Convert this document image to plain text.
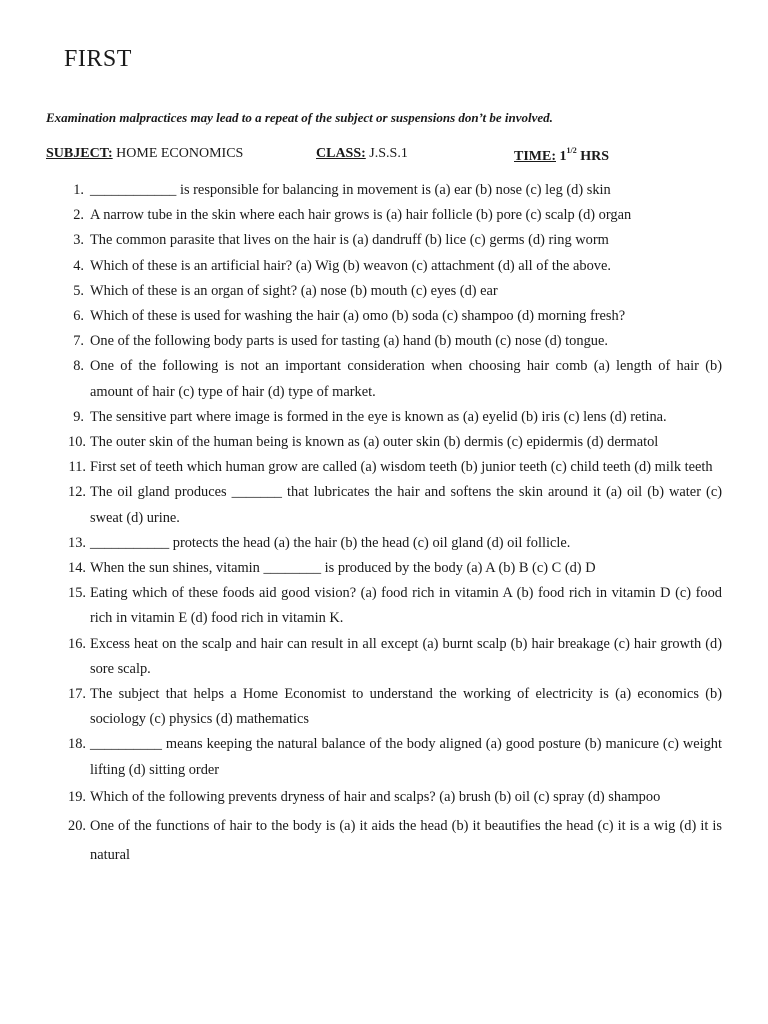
FIRST
Examination malpractices may lead to a repeat of the subject or suspensions don’t be involved.
SUBJECT: HOME ECONOMICS	CLASS: J.S.S.1	TIME: $1^{1/2}$ HRS
1. ____________ is responsible for balancing in movement is (a) ear (b) nose (c) leg (d) skin
2. A narrow tube in the skin where each hair grows is (a) hair follicle (b) pore (c) scalp (d) organ
3. The common parasite that lives on the hair is (a) dandruff (b) lice (c) germs (d) ring worm
4. Which of these is an artificial hair? (a) Wig (b) weavon (c) attachment (d) all of the above.
5. Which of these is an organ of sight? (a) nose (b) mouth (c) eyes (d) ear
6. Which of these is used for washing the hair (a) omo (b) soda (c) shampoo (d) morning fresh?
7. One of the following body parts is used for tasting (a) hand (b) mouth (c) nose (d) tongue.
8. One of the following is not an important consideration when choosing hair comb (a) length of hair (b) amount of hair (c) type of hair (d) type of market.
9. The sensitive part where image is formed in the eye is known as (a) eyelid (b) iris (c) lens (d) retina.
10. The outer skin of the human being is known as (a) outer skin (b) dermis (c) epidermis (d) dermatol
11. First set of teeth which human grow are called (a) wisdom teeth (b) junior teeth (c) child teeth (d) milk teeth
12. The oil gland produces _______ that lubricates the hair and softens the skin around it (a) oil (b) water (c) sweat (d) urine.
13. ___________ protects the head (a) the hair (b) the head (c) oil gland (d) oil follicle.
14. When the sun shines, vitamin ________ is produced by the body (a) A (b) B (c) C (d) D
15. Eating which of these foods aid good vision? (a) food rich in vitamin A (b) food rich in vitamin D (c) food rich in vitamin E (d) food rich in vitamin K.
16. Excess heat on the scalp and hair can result in all except (a) burnt scalp (b) hair breakage (c) hair growth (d) sore scalp.
17. The subject that helps a Home Economist to understand the working of electricity is (a) economics (b) sociology (c) physics (d) mathematics
18. __________ means keeping the natural balance of the body aligned (a) good posture (b) manicure (c) weight lifting (d) sitting order
19. Which of the following prevents dryness of hair and scalps? (a) brush (b) oil (c) spray (d) shampoo
20. One of the functions of hair to the body is (a) it aids the head (b) it beautifies the head (c) it is a wig (d) it is natural
